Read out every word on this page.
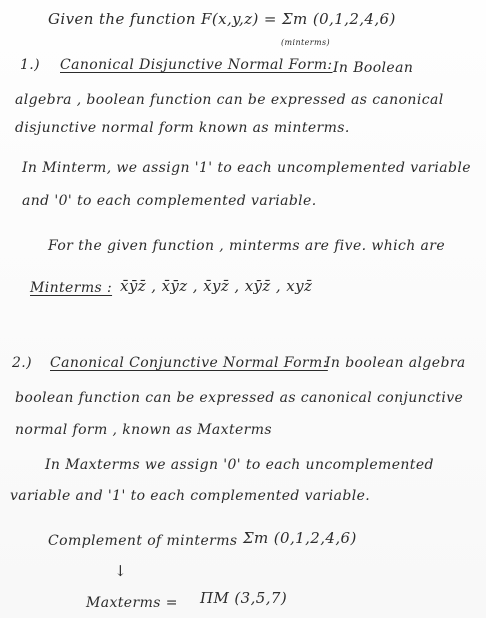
Given the function F(x,y,z) = Σm (0,1,2,4,6)
(minterms)
1.) Canonical Disjunctive Normal Form: In Boolean
algebra , boolean function can be expressed as canonical
disjunctive normal form known as minterms.
In Minterm, we assign '1' to each uncomplemented variable
and '0' to each complemented variable.
For the given function , minterms are five. which are
Minterms : x̄ȳz̄ , x̄ȳz , x̄yz̄ , xȳz̄ , xyz̄
2.) Canonical Conjunctive Normal Form:
In boolean algebra
boolean function can be expressed as canonical conjunctive
normal form , known as Maxterms
In Maxterms we assign '0' to each uncomplemented
variable and '1' to each complemented variable.
Complement of minterms Σm (0,1,2,4,6)
↓
Maxterms = ΠM (3,5,7)
